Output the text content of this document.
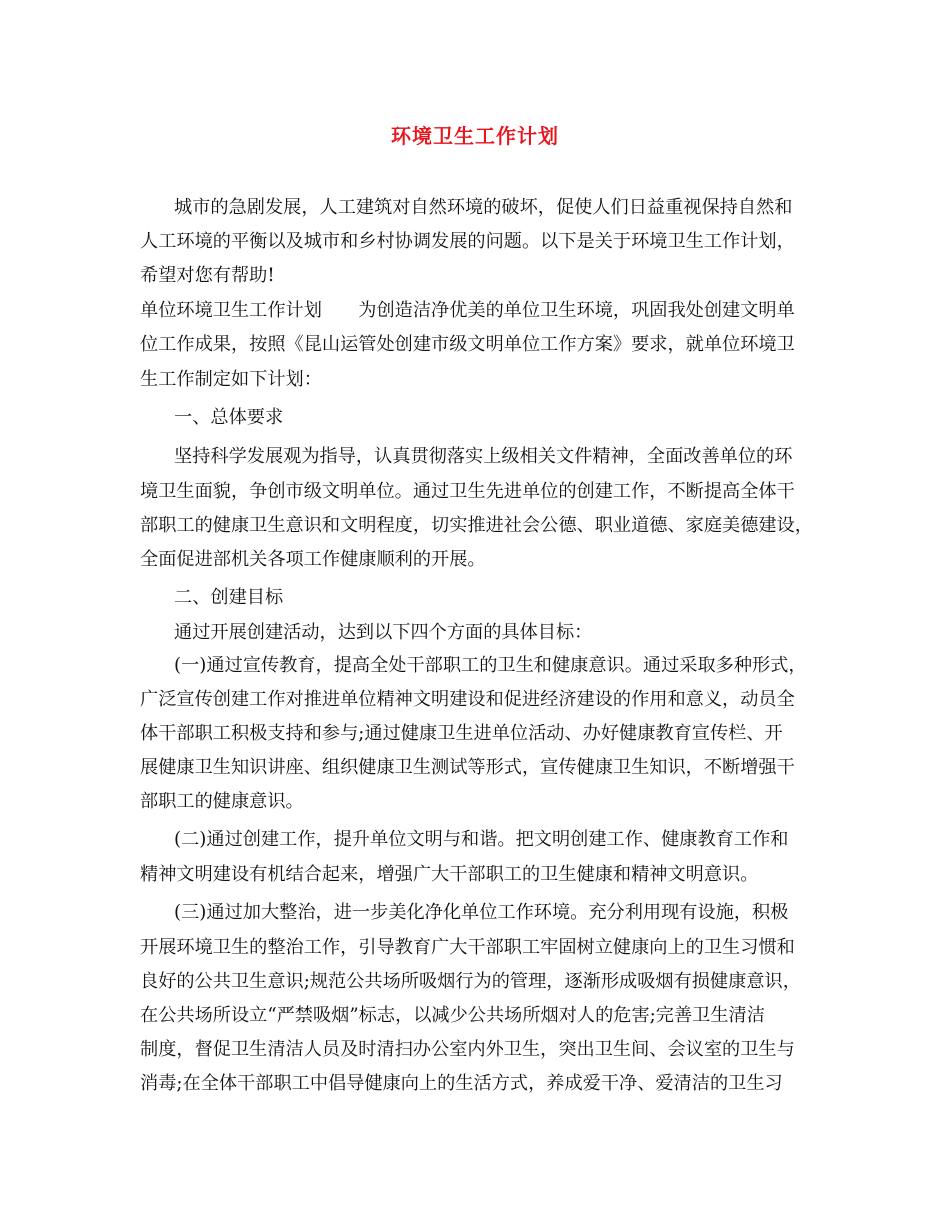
环境卫生工作计划
城市的急剧发展，人工建筑对自然环境的破坏，促使人们日益重视保持自然和
人工环境的平衡以及城市和乡村协调发展的问题。以下是关于环境卫生工作计划，
希望对您有帮助!
单位环境卫生工作计划　　为创造洁净优美的单位卫生环境，巩固我处创建文明单
位工作成果，按照《昆山运管处创建市级文明单位工作方案》要求，就单位环境卫
生工作制定如下计划：
一、总体要求
坚持科学发展观为指导，认真贯彻落实上级相关文件精神，全面改善单位的环
境卫生面貌，争创市级文明单位。通过卫生先进单位的创建工作，不断提高全体干
部职工的健康卫生意识和文明程度，切实推进社会公德、职业道德、家庭美德建设，
全面促进部机关各项工作健康顺利的开展。
二、创建目标
通过开展创建活动，达到以下四个方面的具体目标：
(一)通过宣传教育，提高全处干部职工的卫生和健康意识。通过采取多种形式，
广泛宣传创建工作对推进单位精神文明建设和促进经济建设的作用和意义，动员全
体干部职工积极支持和参与;通过健康卫生进单位活动、办好健康教育宣传栏、开
展健康卫生知识讲座、组织健康卫生测试等形式，宣传健康卫生知识，不断增强干
部职工的健康意识。
(二)通过创建工作，提升单位文明与和谐。把文明创建工作、健康教育工作和
精神文明建设有机结合起来，增强广大干部职工的卫生健康和精神文明意识。
(三)通过加大整治，进一步美化净化单位工作环境。充分利用现有设施，积极
开展环境卫生的整治工作，引导教育广大干部职工牢固树立健康向上的卫生习惯和
良好的公共卫生意识;规范公共场所吸烟行为的管理，逐渐形成吸烟有损健康意识，
在公共场所设立“严禁吸烟”标志，以减少公共场所烟对人的危害;完善卫生清洁
制度，督促卫生清洁人员及时清扫办公室内外卫生，突出卫生间、会议室的卫生与
消毒;在全体干部职工中倡导健康向上的生活方式，养成爱干净、爱清洁的卫生习
